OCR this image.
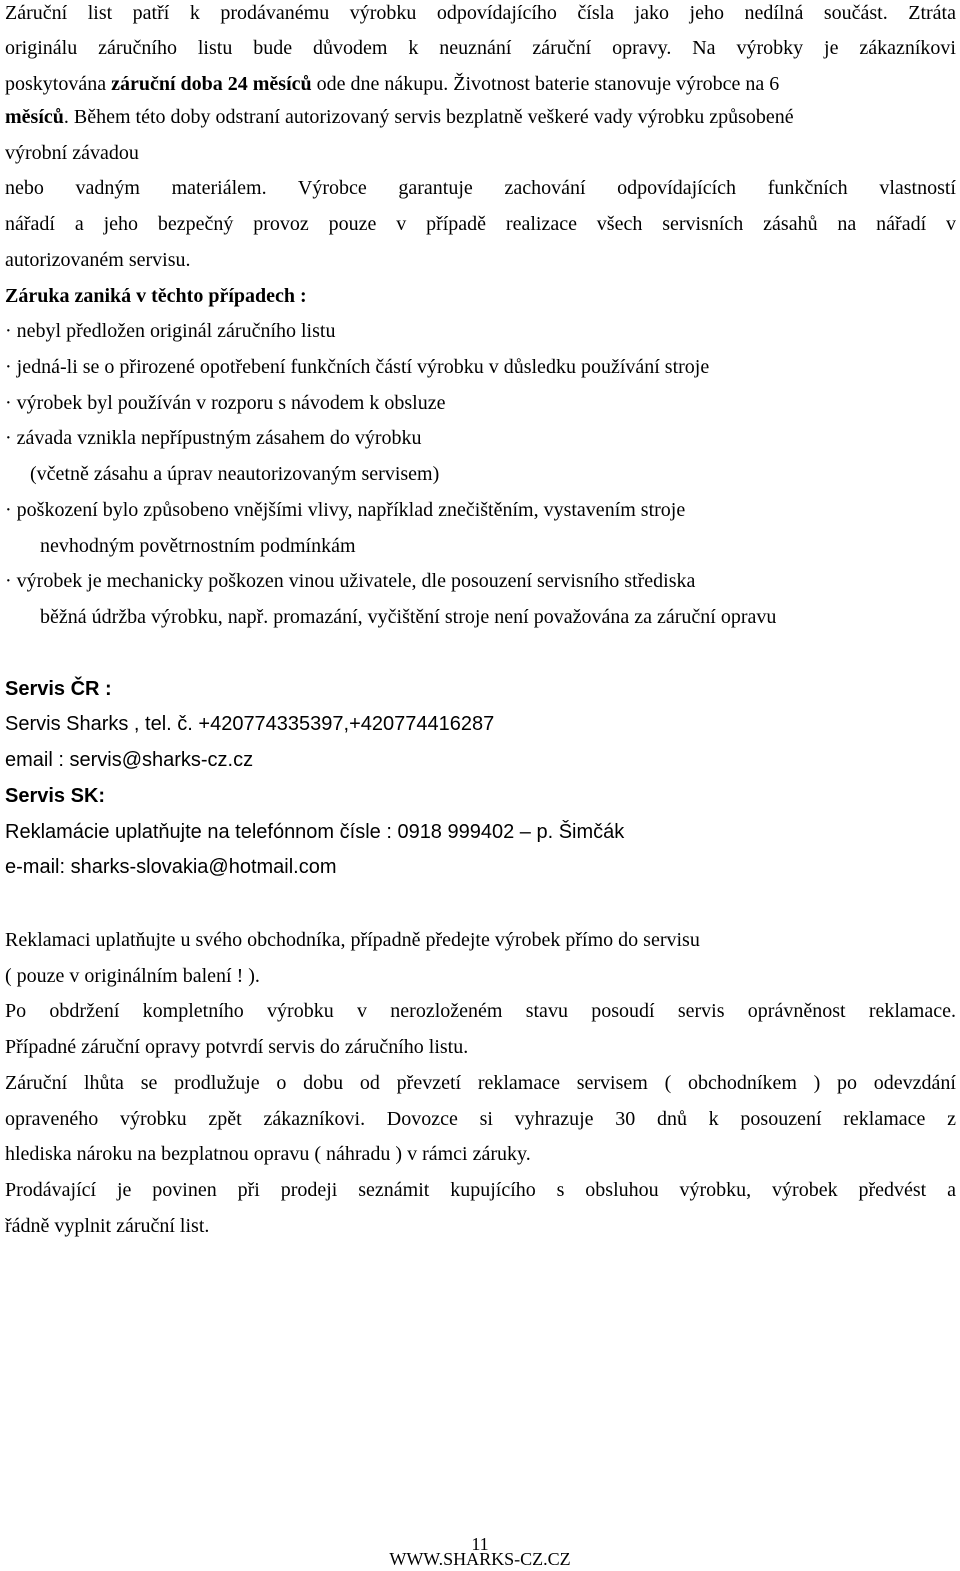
Záruční list patří k prodávanému výrobku odpovídajícího čísla jako jeho nedílná součást. Ztráta
originálu záručního listu bude důvodem k neuznání záruční opravy. Na výrobky je zákazníkovi
poskytována záruční doba 24 měsíců ode dne nákupu. Životnost baterie stanovuje výrobce na 6
měsíců. Během této doby odstraní autorizovaný servis bezplatně veškeré vady výrobku způsobené
výrobní závadou
nebo vadným materiálem. Výrobce garantuje zachování odpovídajících funkčních vlastností
nářadí a jeho bezpečný provoz pouze v případě realizace všech servisních zásahů na nářadí v
autorizovaném servisu.
Záruka zaniká v těchto případech :
· nebyl předložen originál záručního listu
· jedná-li se o přirozené opotřebení funkčních částí výrobku v důsledku používání stroje
· výrobek byl používán v rozporu s návodem k obsluze
· závada vznikla nepřípustným zásahem do výrobku
(včetně zásahu a úprav neautorizovaným servisem)
· poškození bylo způsobeno vnějšími vlivy, například znečištěním, vystavením stroje
nevhodným povětrnostním podmínkám
· výrobek je mechanicky poškozen vinou uživatele, dle posouzení servisního střediska
běžná údržba výrobku, např. promazání, vyčištění stroje není považována za záruční opravu
Servis ČR :
Servis Sharks , tel. č. +420774335397,+420774416287
email : servis@sharks-cz.cz
Servis SK:
Reklamácie uplatňujte na telefónnom čísle : 0918 999402 – p. Šimčák
e-mail: sharks-slovakia@hotmail.com
Reklamaci uplatňujte u svého obchodníka, případně předejte výrobek přímo do servisu
( pouze v originálním balení ! ).
Po obdržení kompletního výrobku v nerozloženém stavu posoudí servis oprávněnost reklamace.
Případné záruční opravy potvrdí servis do záručního listu.
Záruční lhůta se prodlužuje o dobu od převzetí reklamace servisem ( obchodníkem ) po odevzdání
opraveného výrobku zpět zákazníkovi. Dovozce si vyhrazuje 30 dnů k posouzení reklamace z
hlediska nároku na bezplatnou opravu ( náhradu ) v rámci záruky.
Prodávající je povinen při prodeji seznámit kupujícího s obsluhou výrobku, výrobek předvést a
řádně vyplnit záruční list.
11
WWW.SHARKS-CZ.CZ
